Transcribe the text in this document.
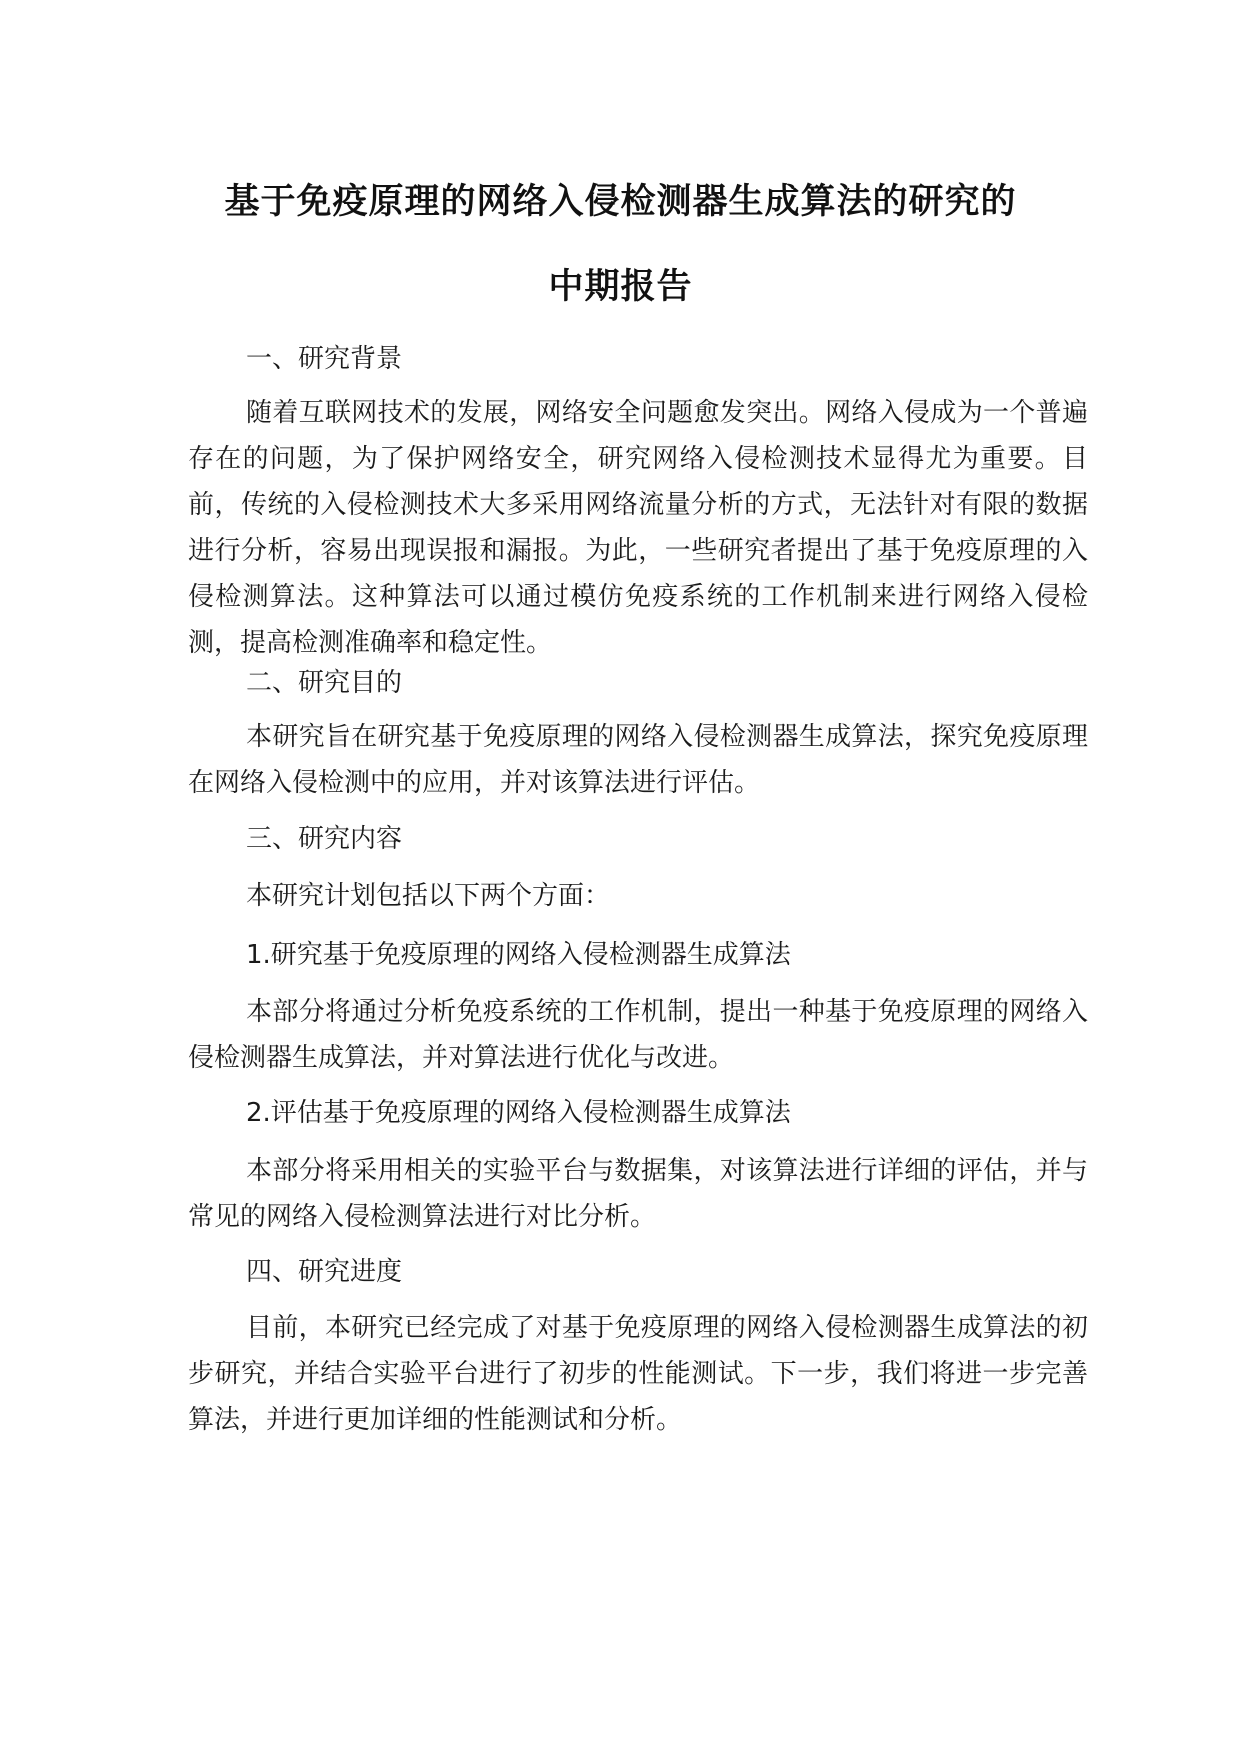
基于免疫原理的网络入侵检测器生成算法的研究的
中期报告
一、研究背景
随着互联网技术的发展，网络安全问题愈发突出。网络入侵成为一个普遍存在的问题，为了保护网络安全，研究网络入侵检测技术显得尤为重要。目前，传统的入侵检测技术大多采用网络流量分析的方式，无法针对有限的数据进行分析，容易出现误报和漏报。为此，一些研究者提出了基于免疫原理的入侵检测算法。这种算法可以通过模仿免疫系统的工作机制来进行网络入侵检测，提高检测准确率和稳定性。
二、研究目的
本研究旨在研究基于免疫原理的网络入侵检测器生成算法，探究免疫原理在网络入侵检测中的应用，并对该算法进行评估。
三、研究内容
本研究计划包括以下两个方面：
1.研究基于免疫原理的网络入侵检测器生成算法
本部分将通过分析免疫系统的工作机制，提出一种基于免疫原理的网络入侵检测器生成算法，并对算法进行优化与改进。
2.评估基于免疫原理的网络入侵检测器生成算法
本部分将采用相关的实验平台与数据集，对该算法进行详细的评估，并与常见的网络入侵检测算法进行对比分析。
四、研究进度
目前，本研究已经完成了对基于免疫原理的网络入侵检测器生成算法的初步研究，并结合实验平台进行了初步的性能测试。下一步，我们将进一步完善算法，并进行更加详细的性能测试和分析。
